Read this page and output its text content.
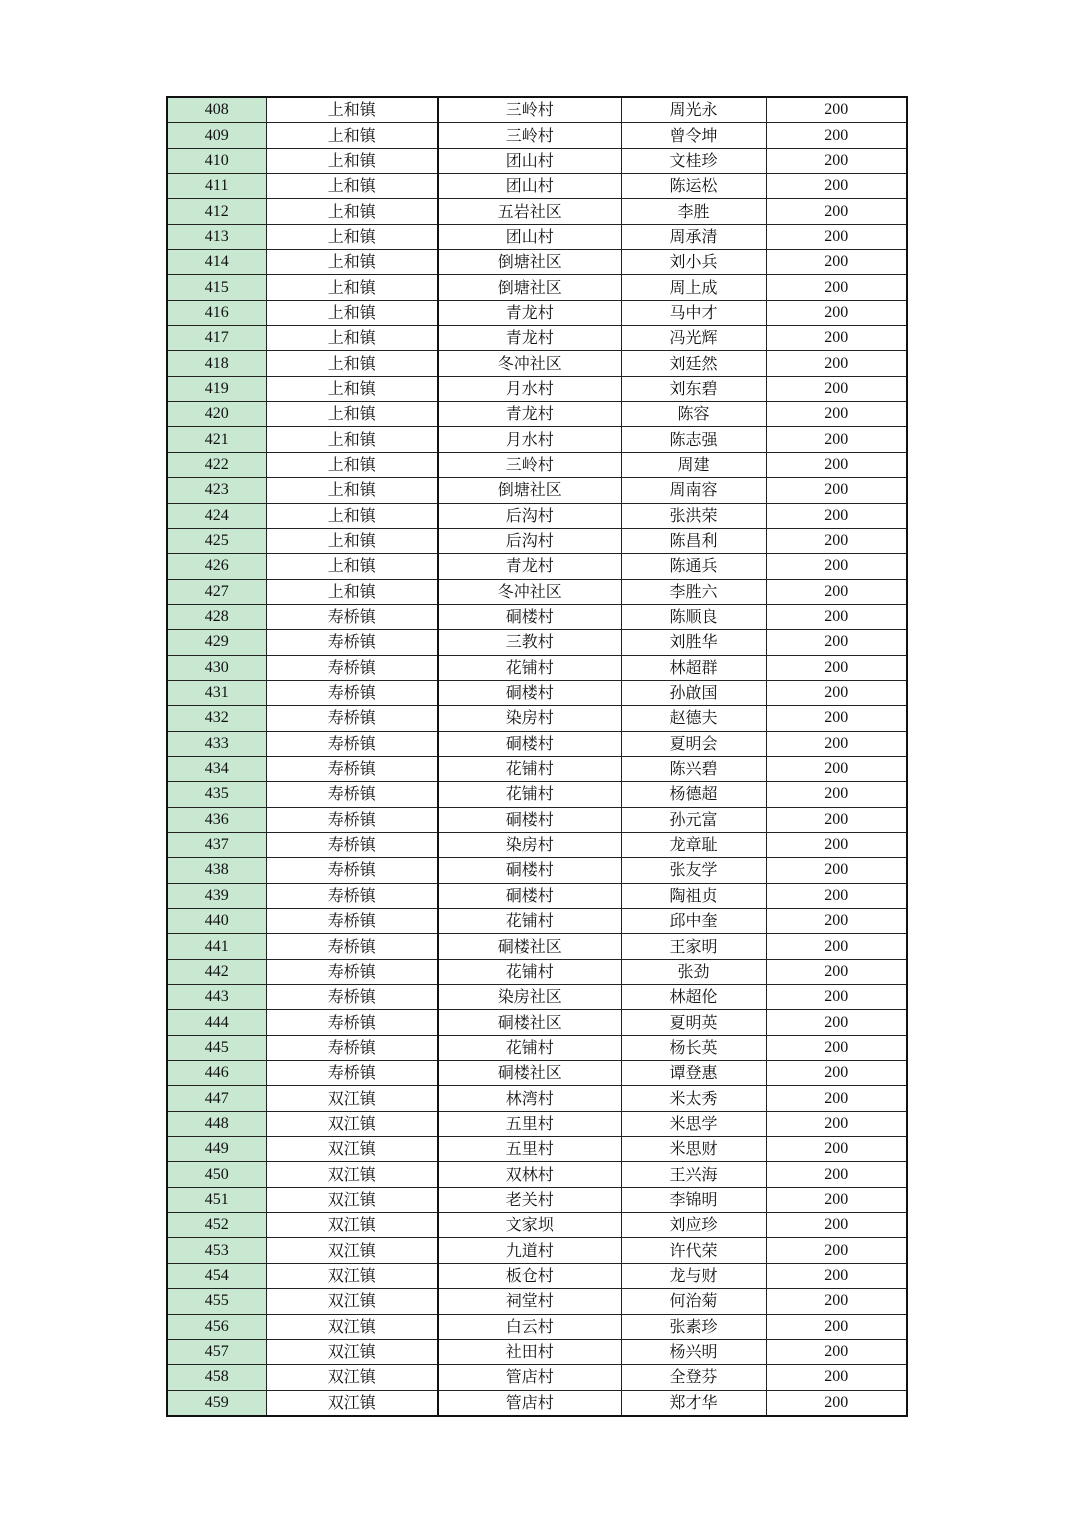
408	上和镇	三岭村	周光永	200
409	上和镇	三岭村	曾令坤	200
410	上和镇	团山村	文桂珍	200
411	上和镇	团山村	陈运松	200
412	上和镇	五岩社区	李胜	200
413	上和镇	团山村	周承清	200
414	上和镇	倒塘社区	刘小兵	200
415	上和镇	倒塘社区	周上成	200
416	上和镇	青龙村	马中才	200
417	上和镇	青龙村	冯光辉	200
418	上和镇	冬冲社区	刘廷然	200
419	上和镇	月水村	刘东碧	200
420	上和镇	青龙村	陈容	200
421	上和镇	月水村	陈志强	200
422	上和镇	三岭村	周建	200
423	上和镇	倒塘社区	周南容	200
424	上和镇	后沟村	张洪荣	200
425	上和镇	后沟村	陈昌利	200
426	上和镇	青龙村	陈通兵	200
427	上和镇	冬冲社区	李胜六	200
428	寿桥镇	硐楼村	陈顺良	200
429	寿桥镇	三教村	刘胜华	200
430	寿桥镇	花铺村	林超群	200
431	寿桥镇	硐楼村	孙啟国	200
432	寿桥镇	染房村	赵德夫	200
433	寿桥镇	硐楼村	夏明会	200
434	寿桥镇	花铺村	陈兴碧	200
435	寿桥镇	花铺村	杨德超	200
436	寿桥镇	硐楼村	孙元富	200
437	寿桥镇	染房村	龙章耻	200
438	寿桥镇	硐楼村	张友学	200
439	寿桥镇	硐楼村	陶祖贞	200
440	寿桥镇	花铺村	邱中奎	200
441	寿桥镇	硐楼社区	王家明	200
442	寿桥镇	花铺村	张劲	200
443	寿桥镇	染房社区	林超伦	200
444	寿桥镇	硐楼社区	夏明英	200
445	寿桥镇	花铺村	杨长英	200
446	寿桥镇	硐楼社区	谭登惠	200
447	双江镇	林湾村	米太秀	200
448	双江镇	五里村	米思学	200
449	双江镇	五里村	米思财	200
450	双江镇	双林村	王兴海	200
451	双江镇	老关村	李锦明	200
452	双江镇	文家坝	刘应珍	200
453	双江镇	九道村	许代荣	200
454	双江镇	板仓村	龙与财	200
455	双江镇	祠堂村	何治菊	200
456	双江镇	白云村	张素珍	200
457	双江镇	社田村	杨兴明	200
458	双江镇	管店村	全登芬	200
459	双江镇	管店村	郑才华	200
